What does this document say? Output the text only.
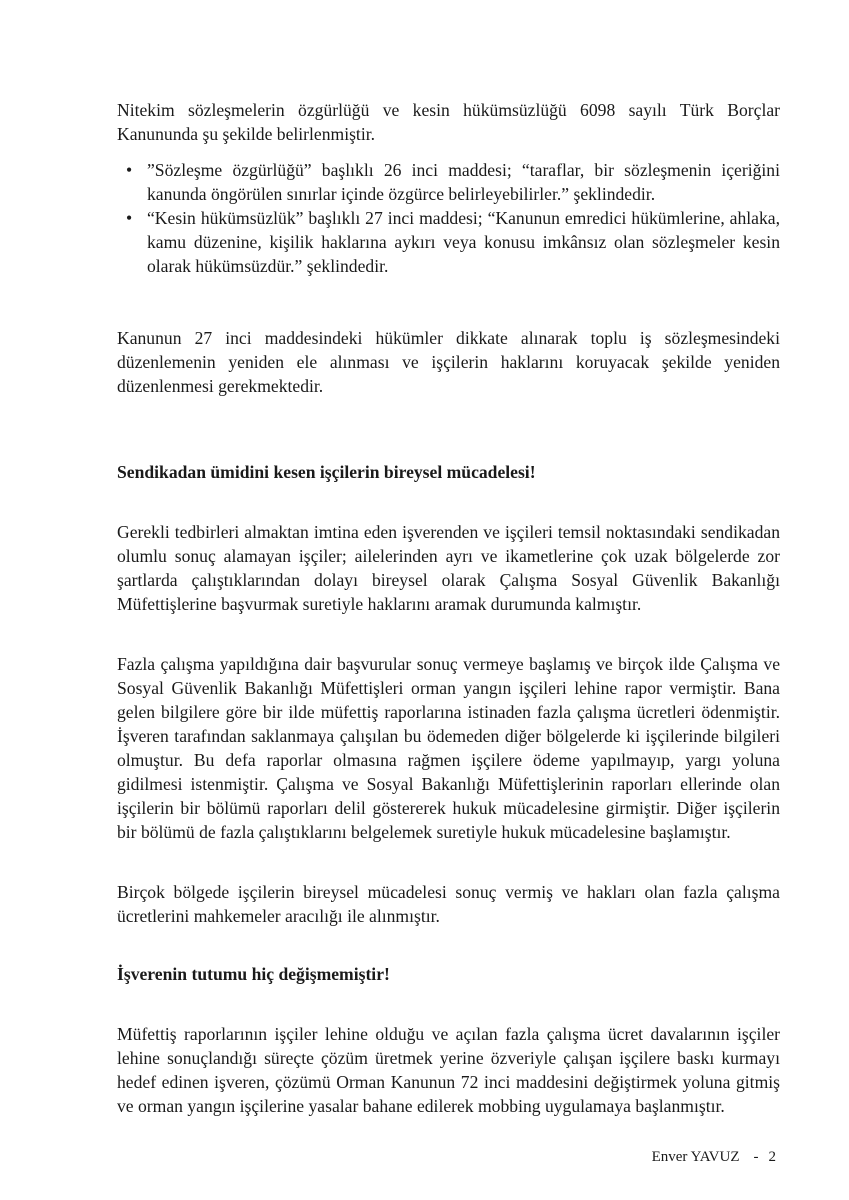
Nitekim sözleşmelerin özgürlüğü ve kesin hükümsüzlüğü 6098 sayılı Türk Borçlar Kanununda şu şekilde belirlenmiştir.

• ”Sözleşme özgürlüğü” başlıklı 26 inci maddesi; “taraflar, bir sözleşmenin içeriğini kanunda öngörülen sınırlar içinde özgürce belirleyebilirler.” şeklindedir.
• “Kesin hükümsüzlük” başlıklı 27 inci maddesi; “Kanunun emredici hükümlerine, ahlaka, kamu düzenine, kişilik haklarına aykırı veya konusu imkânsız olan sözleşmeler kesin olarak hükümsüzdür.” şeklindedir.

Kanunun 27 inci maddesindeki hükümler dikkate alınarak toplu iş sözleşmesindeki düzenlemenin yeniden ele alınması ve işçilerin haklarını koruyacak şekilde yeniden düzenlenmesi gerekmektedir.

Sendikadan ümidini kesen işçilerin bireysel mücadelesi!

Gerekli tedbirleri almaktan imtina eden işverenden ve işçileri temsil noktasındaki sendikadan olumlu sonuç alamayan işçiler; ailelerinden ayrı ve ikametlerine çok uzak bölgelerde zor şartlarda çalıştıklarından dolayı bireysel olarak Çalışma Sosyal Güvenlik Bakanlığı Müfettişlerine başvurmak suretiyle haklarını aramak durumunda kalmıştır.

Fazla çalışma yapıldığına dair başvurular sonuç vermeye başlamış ve birçok ilde Çalışma ve Sosyal Güvenlik Bakanlığı Müfettişleri orman yangın işçileri lehine rapor vermiştir. Bana gelen bilgilere göre bir ilde müfettiş raporlarına istinaden fazla çalışma ücretleri ödenmiştir. İşveren tarafından saklanmaya çalışılan bu ödemeden diğer bölgelerde ki işçilerinde bilgileri olmuştur. Bu defa raporlar olmasına rağmen işçilere ödeme yapılmayıp, yargı yoluna gidilmesi istenmiştir. Çalışma ve Sosyal Bakanlığı Müfettişlerinin raporları ellerinde olan işçilerin bir bölümü raporları delil göstererek hukuk mücadelesine girmiştir. Diğer işçilerin bir bölümü de fazla çalıştıklarını belgelemek suretiyle hukuk mücadelesine başlamıştır.

Birçok bölgede işçilerin bireysel mücadelesi sonuç vermiş ve hakları olan fazla çalışma ücretlerini mahkemeler aracılığı ile alınmıştır.

İşverenin tutumu hiç değişmemiştir!

Müfettiş raporlarının işçiler lehine olduğu ve açılan fazla çalışma ücret davalarının işçiler lehine sonuçlandığı süreçte çözüm üretmek yerine özveriyle çalışan işçilere baskı kurmayı hedef edinen işveren, çözümü Orman Kanunun 72 inci maddesini değiştirmek yoluna gitmiş ve orman yangın işçilerine yasalar bahane edilerek mobbing uygulamaya başlanmıştır.

Enver YAVUZ - 2
